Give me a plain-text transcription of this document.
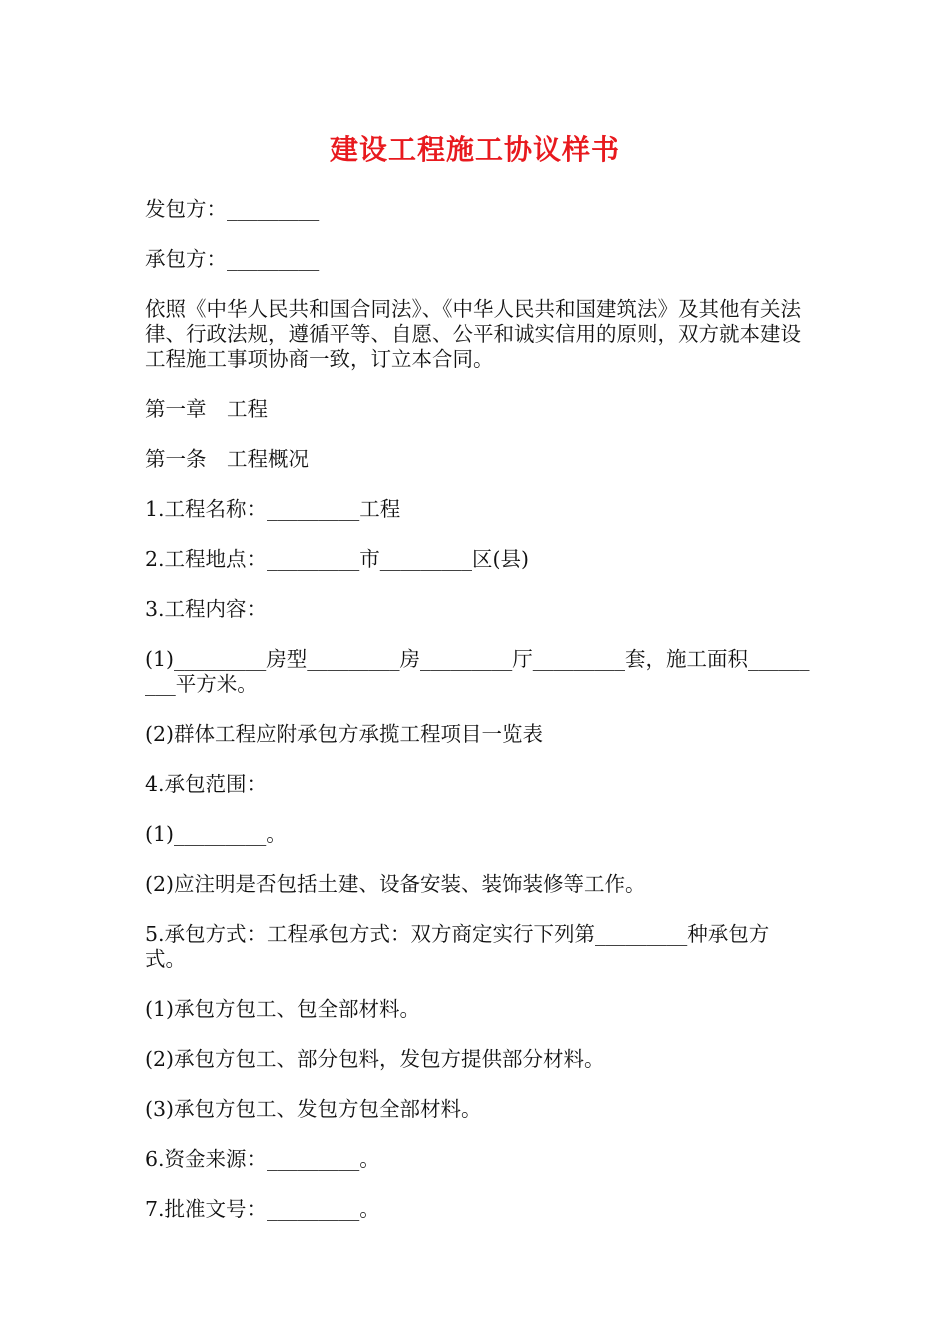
建设工程施工协议样书

发包方：_________

承包方：_________

依照《中华人民共和国合同法》、《中华人民共和国建筑法》及其他有关法律、行政法规，遵循平等、自愿、公平和诚实信用的原则，双方就本建设工程施工事项协商一致，订立本合同。

第一章　工程

第一条　工程概况

1.工程名称：_________工程

2.工程地点：_________市_________区(县)

3.工程内容：

(1)_________房型_________房_________厅_________套，施工面积_________平方米。

(2)群体工程应附承包方承揽工程项目一览表

4.承包范围：

(1)_________。

(2)应注明是否包括土建、设备安装、装饰装修等工作。

5.承包方式：工程承包方式：双方商定实行下列第_________种承包方式。

(1)承包方包工、包全部材料。

(2)承包方包工、部分包料，发包方提供部分材料。

(3)承包方包工、发包方包全部材料。

6.资金来源：_________。

7.批准文号：_________。
